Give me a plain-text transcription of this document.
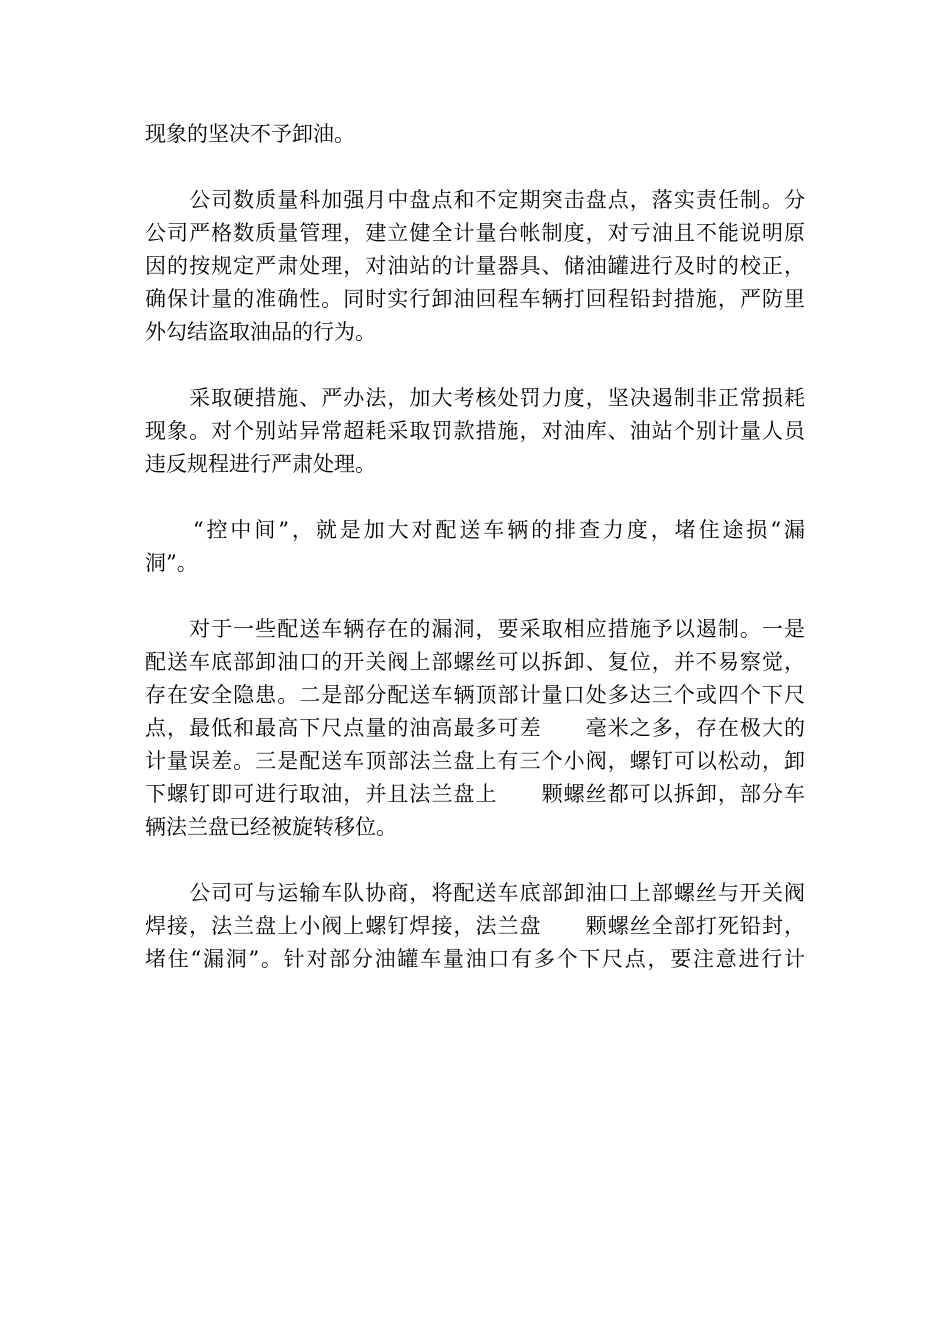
现象的坚决不予卸油。
　　公司数质量科加强月中盘点和不定期突击盘点，落实责任制。分
公司严格数质量管理，建立健全计量台帐制度，对亏油且不能说明原
因的按规定严肃处理，对油站的计量器具、储油罐进行及时的校正，
确保计量的准确性。同时实行卸油回程车辆打回程铅封措施，严防里
外勾结盗取油品的行为。
　　采取硬措施、严办法，加大考核处罚力度，坚决遏制非正常损耗
现象。对个别站异常超耗采取罚款措施，对油库、油站个别计量人员
违反规程进行严肃处理。
　　“控中间”，就是加大对配送车辆的排查力度，堵住途损“漏
洞”。
　　对于一些配送车辆存在的漏洞，要采取相应措施予以遏制。一是
配送车底部卸油口的开关阀上部螺丝可以拆卸、复位，并不易察觉，
存在安全隐患。二是部分配送车辆顶部计量口处多达三个或四个下尺
点，最低和最高下尺点量的油高最多可差　　毫米之多，存在极大的
计量误差。三是配送车顶部法兰盘上有三个小阀，螺钉可以松动，卸
下螺钉即可进行取油，并且法兰盘上　　颗螺丝都可以拆卸，部分车
辆法兰盘已经被旋转移位。
　　公司可与运输车队协商，将配送车底部卸油口上部螺丝与开关阀
焊接，法兰盘上小阀上螺钉焊接，法兰盘　　颗螺丝全部打死铅封，
堵住“漏洞”。针对部分油罐车量油口有多个下尺点，要注意进行计
